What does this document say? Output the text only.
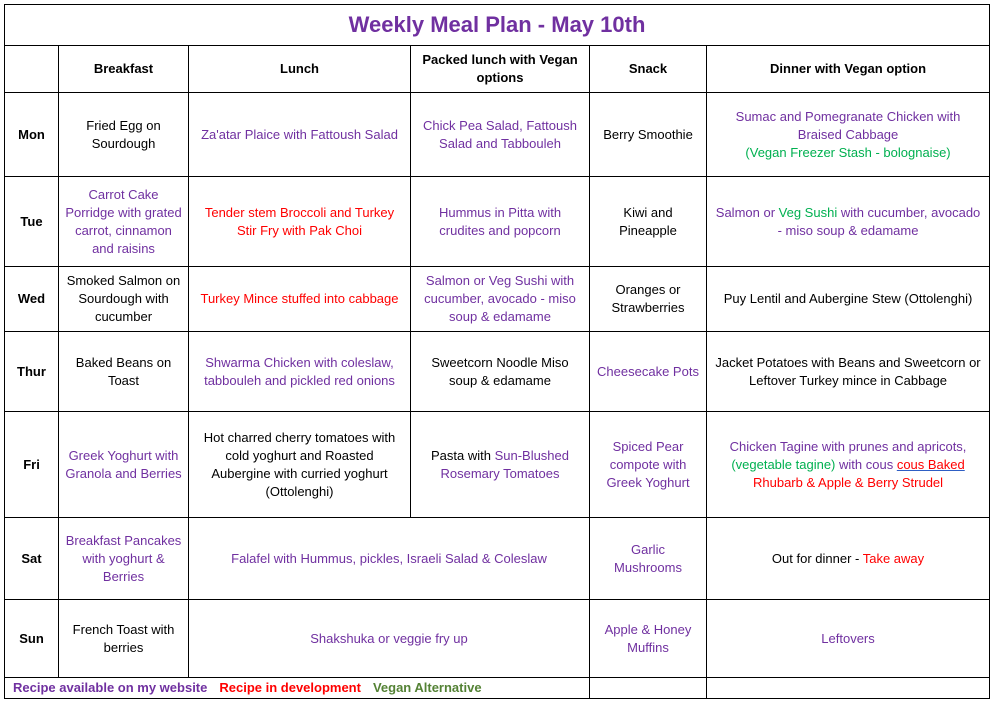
Weekly Meal Plan - May 10th					
	Breakfast	Lunch	Packed lunch with Vegan options	Snack	Dinner with Vegan option
Mon	Fried Egg on Sourdough	Za'atar Plaice with Fattoush Salad	Chick Pea Salad, Fattoush Salad and Tabbouleh	Berry Smoothie	Sumac and Pomegranate Chicken with Braised Cabbage
(Vegan Freezer Stash - bolognaise)
Tue	Carrot Cake Porridge with grated carrot, cinnamon and raisins	Tender stem Broccoli and Turkey Stir Fry with Pak Choi	Hummus in Pitta with crudites and popcorn	Kiwi and Pineapple	Salmon or Veg Sushi with cucumber, avocado - miso soup & edamame
Wed	Smoked Salmon on Sourdough with cucumber	Turkey Mince stuffed into cabbage	Salmon or Veg Sushi with cucumber, avocado - miso soup & edamame	Oranges or Strawberries	Puy Lentil and Aubergine Stew (Ottolenghi)
Thur	Baked Beans on Toast	Shwarma Chicken with coleslaw, tabbouleh and pickled red onions	Sweetcorn Noodle Miso soup & edamame	Cheesecake Pots	Jacket Potatoes with Beans and Sweetcorn or Leftover Turkey mince in Cabbage
Fri	Greek Yoghurt with Granola and Berries	Hot charred cherry tomatoes with cold yoghurt and Roasted Aubergine with curried yoghurt (Ottolenghi)	Pasta with Sun-Blushed Rosemary Tomatoes	Spiced Pear compote with Greek Yoghurt	Chicken Tagine with prunes and apricots,
(vegetable tagine) with cous cous Baked
Rhubarb & Apple & Berry Strudel
Sat	Breakfast Pancakes with yoghurt & Berries	Falafel with Hummus, pickles, Israeli Salad & Coleslaw		Garlic Mushrooms	Out for dinner - Take away
Sun	French Toast with berries	Shakshuka or veggie fry up		Apple & Honey Muffins	Leftovers
Recipe available on my website Recipe in development Vegan Alternative					
